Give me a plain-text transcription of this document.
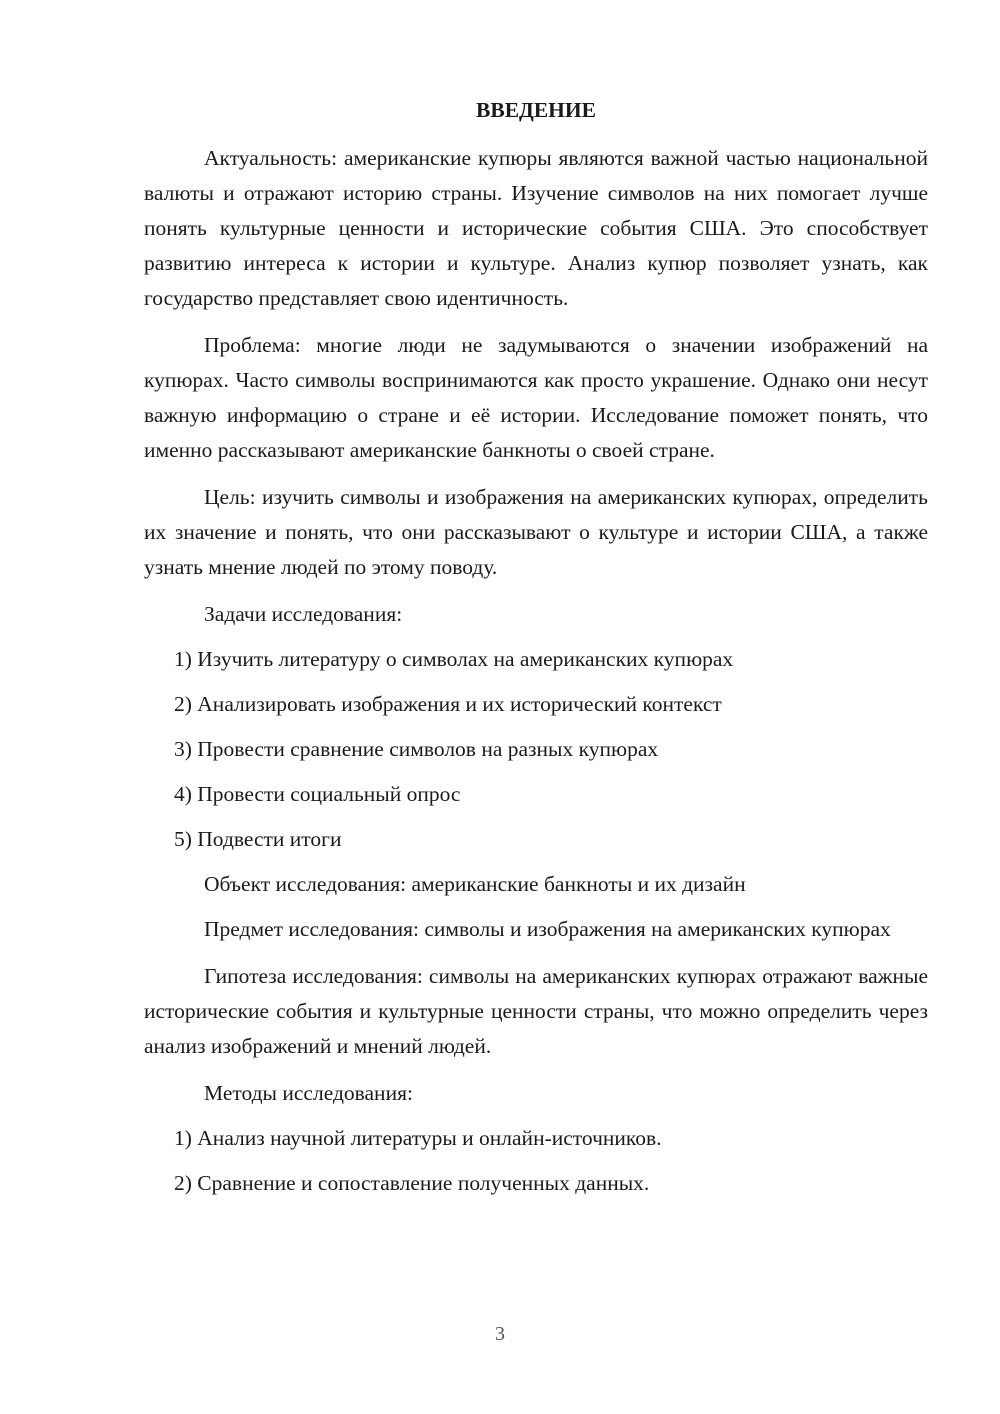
ВВЕДЕНИЕ

Актуальность: американские купюры являются важной частью национальной валюты и отражают историю страны. Изучение символов на них помогает лучше понять культурные ценности и исторические события США. Это способствует развитию интереса к истории и культуре. Анализ купюр позволяет узнать, как государство представляет свою идентичность.

Проблема: многие люди не задумываются о значении изображений на купюрах. Часто символы воспринимаются как просто украшение. Однако они несут важную информацию о стране и её истории. Исследование поможет понять, что именно рассказывают американские банкноты о своей стране.

Цель: изучить символы и изображения на американских купюрах, определить их значение и понять, что они рассказывают о культуре и истории США, а также узнать мнение людей по этому поводу.

Задачи исследования:

1) Изучить литературу о символах на американских купюрах

2) Анализировать изображения и их исторический контекст

3) Провести сравнение символов на разных купюрах

4) Провести социальный опрос

5) Подвести итоги

Объект исследования: американские банкноты и их дизайн

Предмет исследования: символы и изображения на американских купюрах

Гипотеза исследования: символы на американских купюрах отражают важные исторические события и культурные ценности страны, что можно определить через анализ изображений и мнений людей.

Методы исследования:

1) Анализ научной литературы и онлайн-источников.

2) Сравнение и сопоставление полученных данных.

3
